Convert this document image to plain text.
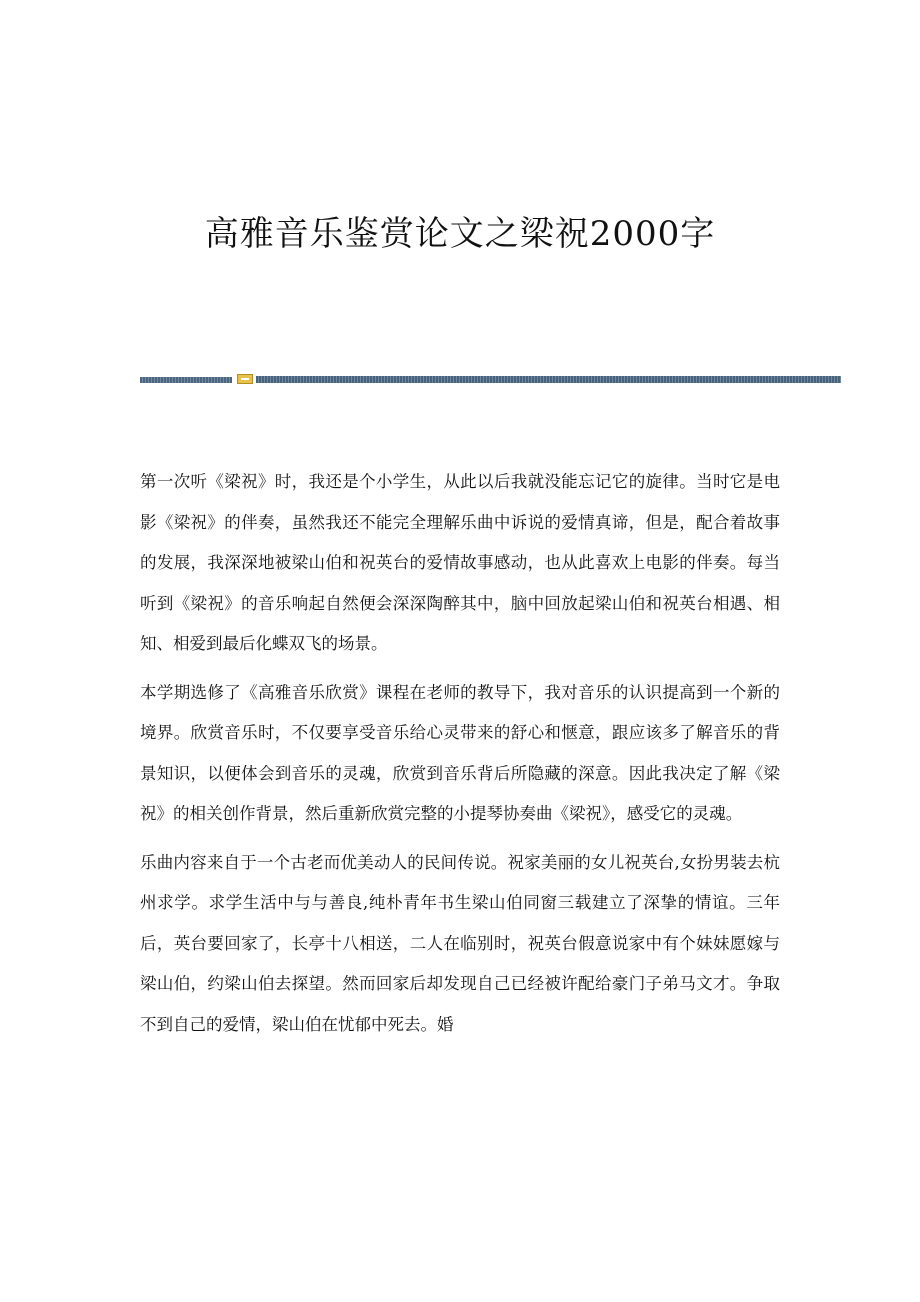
高雅音乐鉴赏论文之梁祝2000字

第一次听《梁祝》时，我还是个小学生，从此以后我就没能忘记它的旋律。当时它是电影《梁祝》的伴奏，虽然我还不能完全理解乐曲中诉说的爱情真谛，但是，配合着故事的发展，我深深地被梁山伯和祝英台的爱情故事感动，也从此喜欢上电影的伴奏。每当听到《梁祝》的音乐响起自然便会深深陶醉其中，脑中回放起梁山伯和祝英台相遇、相知、相爱到最后化蝶双飞的场景。

本学期选修了《高雅音乐欣赏》课程在老师的教导下，我对音乐的认识提高到一个新的境界。欣赏音乐时，不仅要享受音乐给心灵带来的舒心和惬意，跟应该多了解音乐的背景知识，以便体会到音乐的灵魂，欣赏到音乐背后所隐藏的深意。因此我决定了解《梁祝》的相关创作背景，然后重新欣赏完整的小提琴协奏曲《梁祝》，感受它的灵魂。

乐曲内容来自于一个古老而优美动人的民间传说。祝家美丽的女儿祝英台,女扮男装去杭州求学。求学生活中与与善良,纯朴青年书生梁山伯同窗三载建立了深挚的情谊。三年后，英台要回家了，长亭十八相送，二人在临别时，祝英台假意说家中有个妹妹愿嫁与梁山伯，约梁山伯去探望。然而回家后却发现自己已经被许配给豪门子弟马文才。争取不到自己的爱情，梁山伯在忧郁中死去。婚
